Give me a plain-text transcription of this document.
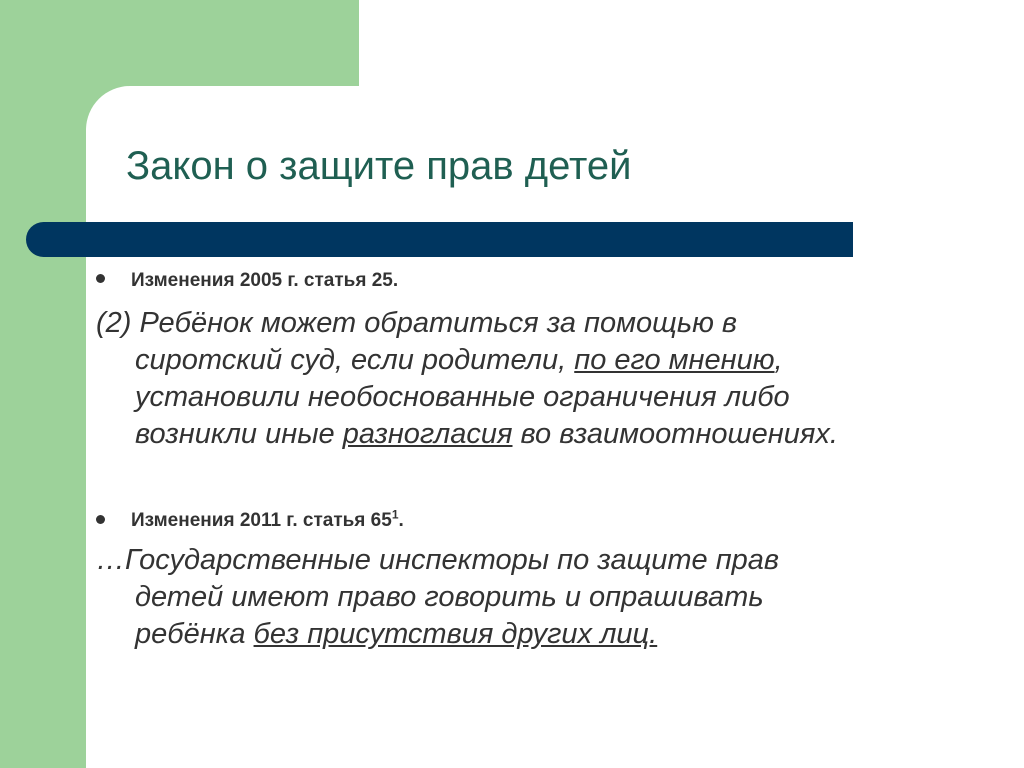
Закон о защите прав детей
Изменения 2005 г. статья 25.
(2) Ребёнок может обратиться за помощью в
сиротский суд, если родители, по его мнению,
установили необоснованные ограничения либо
возникли иные разногласия во взаимоотношениях.
Изменения 2011 г. статья $65^1$.
…Государственные инспекторы по защите прав
детей имеют право говорить и опрашивать
ребёнка без присутствия других лиц.
